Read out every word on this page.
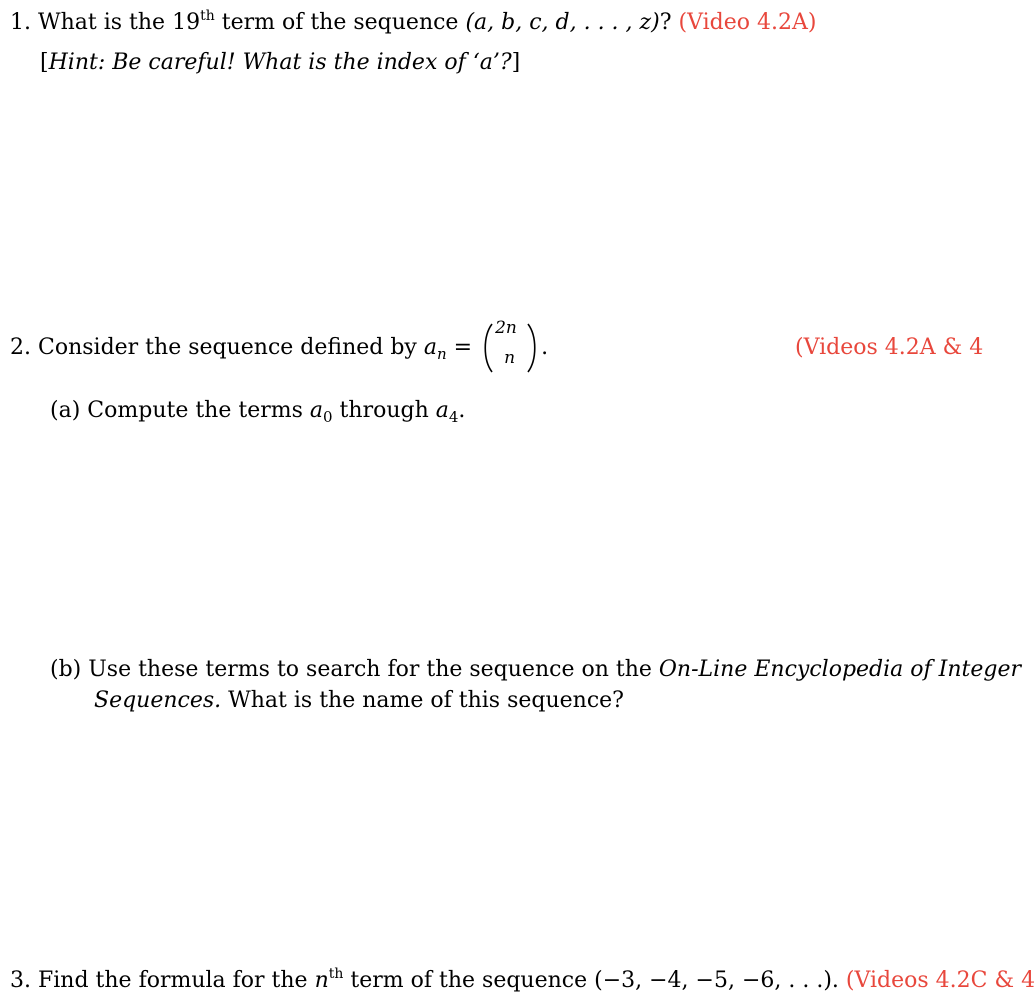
1. What is the 19th term of the sequence (a, b, c, d, . . . , z)? (Video 4.2A)
[Hint: Be careful! What is the index of ‘a’?]
2. Consider the sequence defined by $a_n$ =
2n
n .	(Videos 4.2A & 4
(a) Compute the terms $a_0$ through $a_4$.
(b) Use these terms to search for the sequence on the On-Line Encyclopedia of Integer
Sequences. What is the name of this sequence?
3. Find the formula for the $n^{th}$ term of the sequence (−3, −4, −5, −6, . . .). (Videos 4.2C & 4
